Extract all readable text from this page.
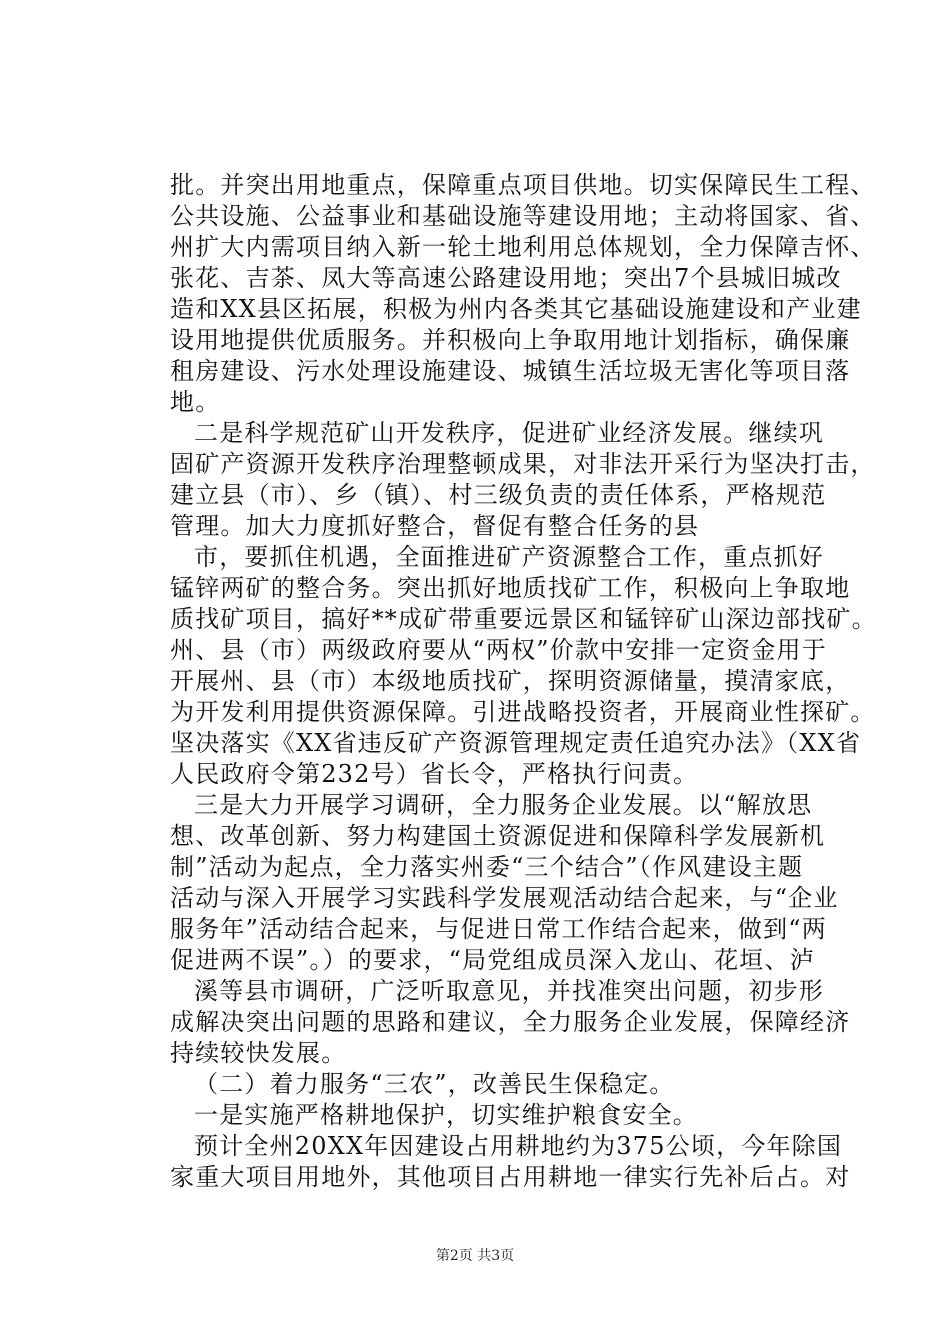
批。并突出用地重点，保障重点项目供地。切实保障民生工程、
公共设施、公益事业和基础设施等建设用地；主动将国家、省、
州扩大内需项目纳入新一轮土地利用总体规划，全力保障吉怀、
张花、吉茶、凤大等高速公路建设用地；突出7个县城旧城改
造和XX县区拓展，积极为州内各类其它基础设施建设和产业建
设用地提供优质服务。并积极向上争取用地计划指标，确保廉
租房建设、污水处理设施建设、城镇生活垃圾无害化等项目落
地。
二是科学规范矿山开发秩序，促进矿业经济发展。继续巩
固矿产资源开发秩序治理整顿成果，对非法开采行为坚决打击，
建立县（市）、乡（镇）、村三级负责的责任体系，严格规范
管理。加大力度抓好整合，督促有整合任务的县
市，要抓住机遇，全面推进矿产资源整合工作，重点抓好
锰锌两矿的整合务。突出抓好地质找矿工作，积极向上争取地
质找矿项目，搞好**成矿带重要远景区和锰锌矿山深边部找矿。
州、县（市）两级政府要从“两权”价款中安排一定资金用于
开展州、县（市）本级地质找矿，探明资源储量，摸清家底，
为开发利用提供资源保障。引进战略投资者，开展商业性探矿。
坚决落实《XX省违反矿产资源管理规定责任追究办法》（XX省
人民政府令第232号）省长令，严格执行问责。
三是大力开展学习调研，全力服务企业发展。以“解放思
想、改革创新、努力构建国土资源促进和保障科学发展新机
制”活动为起点，全力落实州委“三个结合”（作风建设主题
活动与深入开展学习实践科学发展观活动结合起来，与“企业
服务年”活动结合起来，与促进日常工作结合起来，做到“两
促进两不误”。）的要求，“局党组成员深入龙山、花垣、泸
溪等县市调研，广泛听取意见，并找准突出问题，初步形
成解决突出问题的思路和建议，全力服务企业发展，保障经济
持续较快发展。
（二）着力服务“三农”，改善民生保稳定。
一是实施严格耕地保护，切实维护粮食安全。
预计全州20XX年因建设占用耕地约为375公顷，今年除国
家重大项目用地外，其他项目占用耕地一律实行先补后占。对
第2页 共3页
